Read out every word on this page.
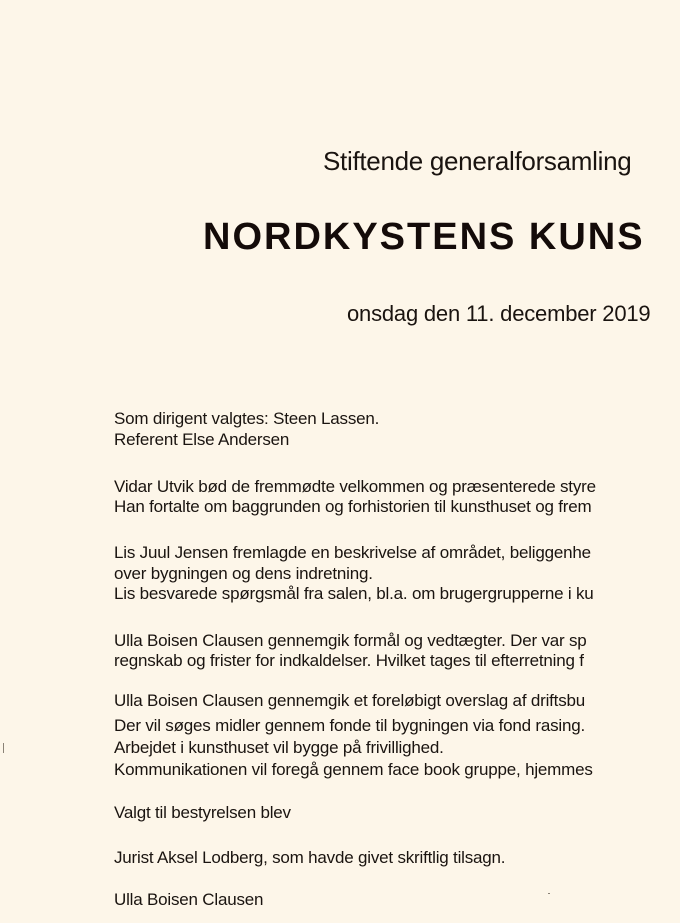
Stiftende generalforsamling
NORDKYSTENS KUNS
onsdag den 11. december 2019
Som dirigent valgtes: Steen Lassen.
Referent Else Andersen
Vidar Utvik bød de fremmødte velkommen og præsenterede styre
Han fortalte om baggrunden og forhistorien til kunsthuset og frem
Lis Juul Jensen fremlagde en beskrivelse af området, beliggenhe
over bygningen og dens indretning.
Lis besvarede spørgsmål fra salen, bl.a. om brugergrupperne i ku
Ulla Boisen Clausen gennemgik formål og vedtægter. Der var sp
regnskab og frister for indkaldelser. Hvilket tages til efterretning f
Ulla Boisen Clausen gennemgik et foreløbigt overslag af driftsbu
Der vil søges midler gennem fonde til bygningen via fond rasing.
Arbejdet i kunsthuset vil bygge på frivillighed.
Kommunikationen vil foregå gennem face book gruppe, hjemmes
Valgt til bestyrelsen blev
Jurist Aksel Lodberg, som havde givet skriftlig tilsagn.
Ulla Boisen Clausen
